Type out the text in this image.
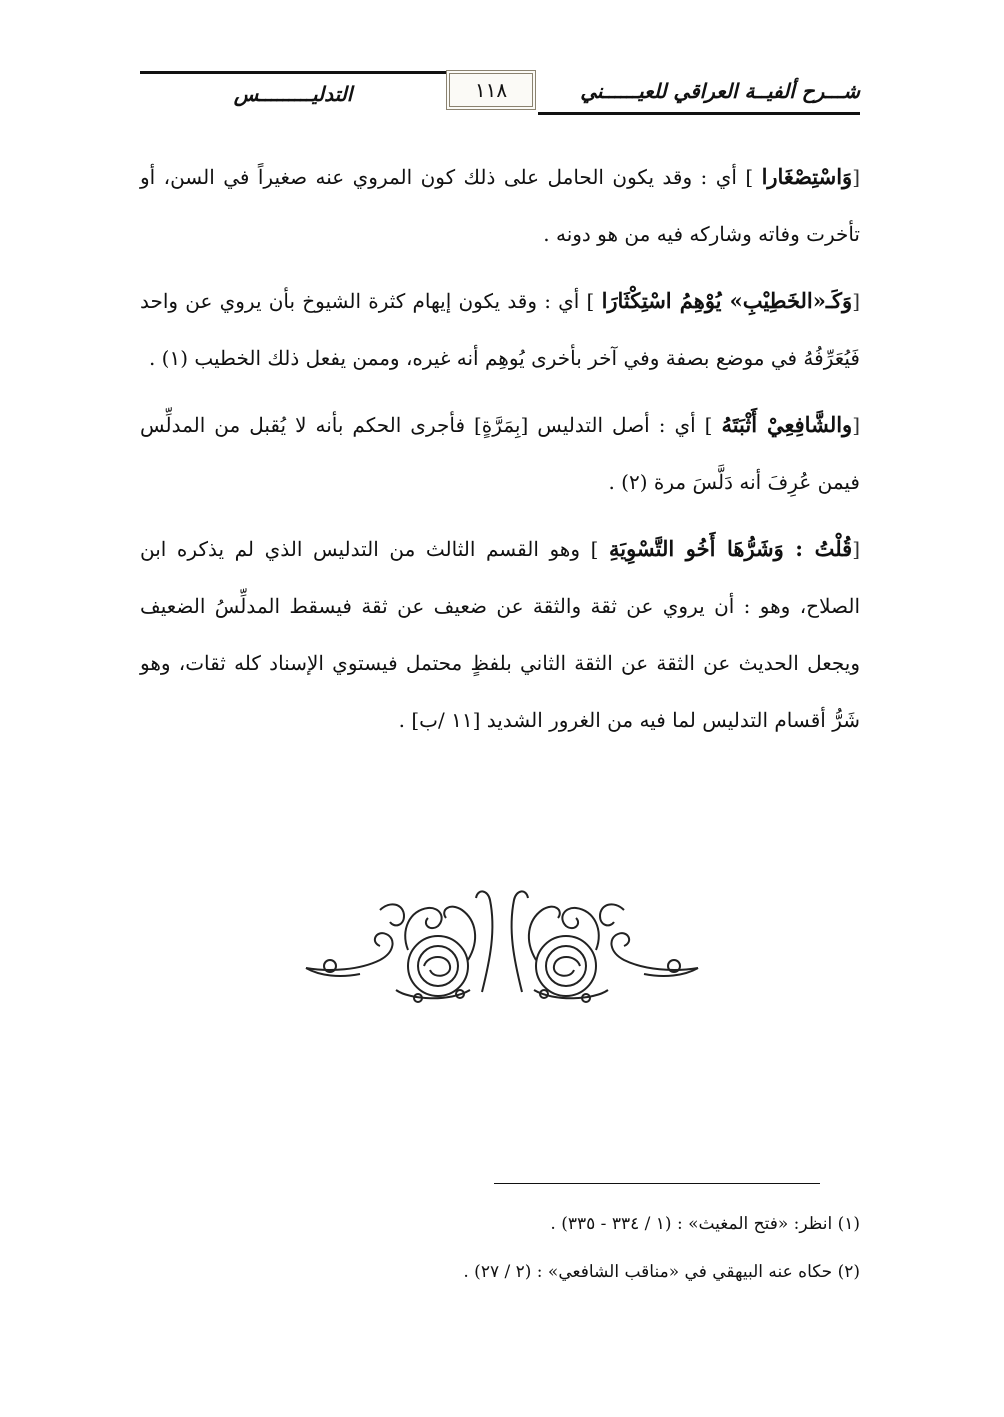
شـــرح ألفيــة العراقي للعيــــــني
١١٨
التدليـــــــــس

[وَاسْتِصْغَارا ] أي : وقد يكون الحامل على ذلك كون المروي عنه صغيراً في السن، أو تأخرت وفاته وشاركه فيه من هو دونه .

[وَكَـ«الخَطِيْبِ» يُوْهِمُ اسْتِكْثَارَا ] أي : وقد يكون إيهام كثرة الشيوخ بأن يروي عن واحد فَيُعَرِّفُهُ في موضع بصفة وفي آخر بأخرى يُوهِم أنه غيره، وممن يفعل ذلك الخطيب (١) .

[والشَّافِعِيْ أَثْبَتَهُ ] أي : أصل التدليس [بِمَرَّةٍ] فأجرى الحكم بأنه لا يُقبل من المدلِّس فيمن عُرِفَ أنه دَلَّسَ مرة (٢) .

[قُلْتُ : وَشَرُّهَا أَخُو التَّسْوِيَةِ ] وهو القسم الثالث من التدليس الذي لم يذكره ابن الصلاح، وهو : أن يروي عن ثقة والثقة عن ضعيف عن ثقة فيسقط المدلِّسُ الضعيف ويجعل الحديث عن الثقة عن الثقة الثاني بلفظٍ محتمل فيستوي الإسناد كله ثقات، وهو شَرُّ أقسام التدليس لما فيه من الغرور الشديد [١١ /ب] .

(١) انظر: «فتح المغيث» : (١ / ٣٣٤ - ٣٣٥) .
(٢) حكاه عنه البيهقي في «مناقب الشافعي» : (٢ / ٢٧) .
